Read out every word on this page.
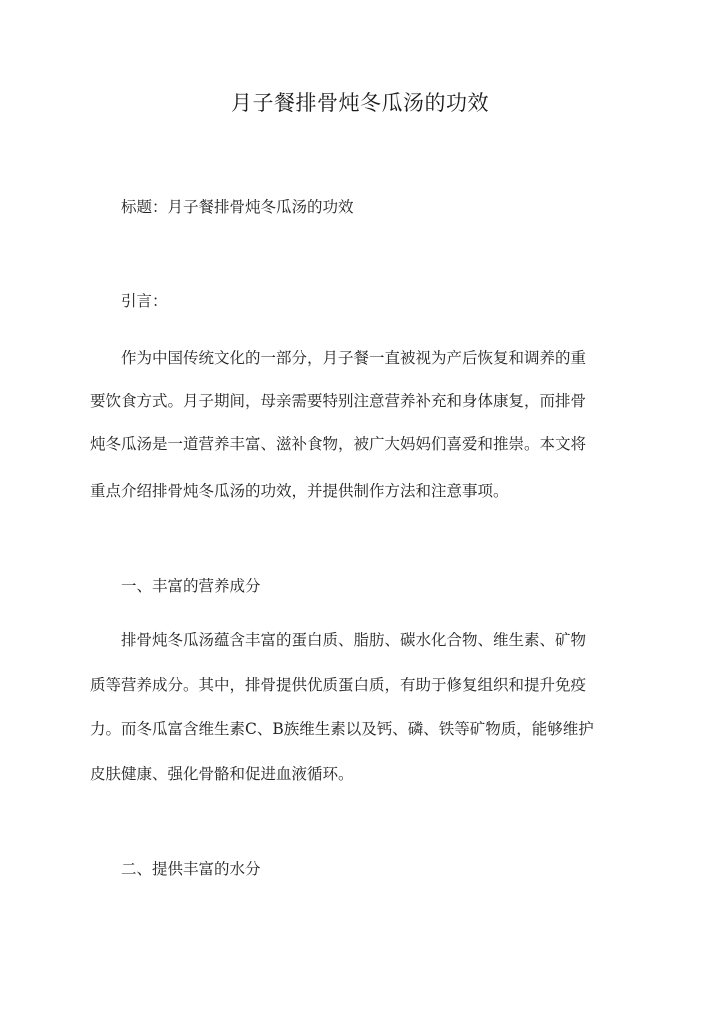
月子餐排骨炖冬瓜汤的功效

标题：月子餐排骨炖冬瓜汤的功效

引言：

作为中国传统文化的一部分，月子餐一直被视为产后恢复和调养的重

要饮食方式。月子期间，母亲需要特别注意营养补充和身体康复，而排骨

炖冬瓜汤是一道营养丰富、滋补食物，被广大妈妈们喜爱和推崇。本文将

重点介绍排骨炖冬瓜汤的功效，并提供制作方法和注意事项。

一、丰富的营养成分

排骨炖冬瓜汤蕴含丰富的蛋白质、脂肪、碳水化合物、维生素、矿物

质等营养成分。其中，排骨提供优质蛋白质，有助于修复组织和提升免疫

力。而冬瓜富含维生素C、B族维生素以及钙、磷、铁等矿物质，能够维护

皮肤健康、强化骨骼和促进血液循环。

二、提供丰富的水分
